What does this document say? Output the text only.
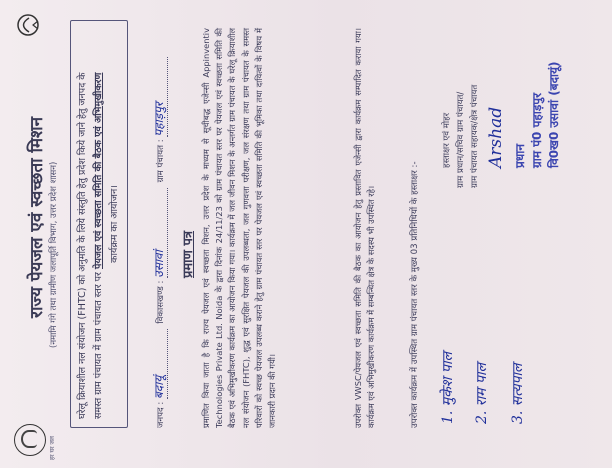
हर घर जल
राज्य पेयजल एवं स्वच्छता मिशन (नमामि गंगे तथा ग्रामीण जलापूर्ति विभाग, उत्तर प्रदेश शासन) घरेलू क्रियाशील नल संयोजन (FHTC) को अनुमति के लिये संस्तुति हेतु प्रदेश किये जाने हेतु जनपद के समस्त ग्राम पंचायत में ग्राम पंचायत स्तर पर पेयजल एवं स्वच्छता समिति की बैठक एवं अभिमुखीकरण कार्यक्रम का आयोजन।
जनपद : बदायूं  विकासखण्ड : उसावां  ग्राम पंचायत : पहाड़पुर
प्रमाण पत्र प्रमाणित किया जाता है कि राज्य पेयजल एवं स्वच्छता मिशन, उत्तर प्रदेश के माध्यम से सूचीबद्ध एजेन्सी Appinventiv Technologies Private Ltd. Noida के द्वारा दिनांक 24/11/23 को ग्राम पंचायत स्तर पर पेयजल एवं स्वच्छता समिति की बैठक एवं अभिमुखीकरण कार्यक्रम का आयोजन किया गया। कार्यक्रम में जल जीवन मिशन के अन्तर्गत ग्राम पंचायत के घरेलू क्रियाशील नल संयोजन (FHTC), शुद्ध एवं सुरक्षित पेयजल की उपलब्धता, जल गुणवत्ता परीक्षण, जल संरक्षण तथा ग्राम पंचायत के समस्त परिवारों को स्वच्छ पेयजल उपलब्ध कराने हेतु ग्राम पंचायत स्तर पर पेयजल एवं स्वच्छता समिति की भूमिका तथा दायित्वों के विषय में जानकारी प्रदान की गयी।	उपरोक्त VWSC/पेयजल एवं स्वच्छता समिति की बैठक का आयोजन हेतु प्रस्तावित एजेन्सी द्वारा कार्यक्रम सम्पादित कराया गया। कार्यक्रम एवं अभिमुखीकरण कार्यक्रम में सम्बन्धित क्षेत्र के सदस्य भी उपस्थित रहे।	उपरोक्त कार्यक्रम में उपस्थित ग्राम पंचायत स्तर के मुख्य 03 प्रतिनिधियों के हस्ताक्षर :- 1. मुकेश पाल 2. राम पाल 3. सत्यपाल
हस्ताक्षर एवं मोहर ग्राम प्रधान/सचिव ग्राम पंचायत/ ग्राम पंचायत सहायक/क्षेत्र पंचायत Arshad प्रधान ग्राम पं0 पहाड़पुर वि0ख0 उसावां (बदायूं)
